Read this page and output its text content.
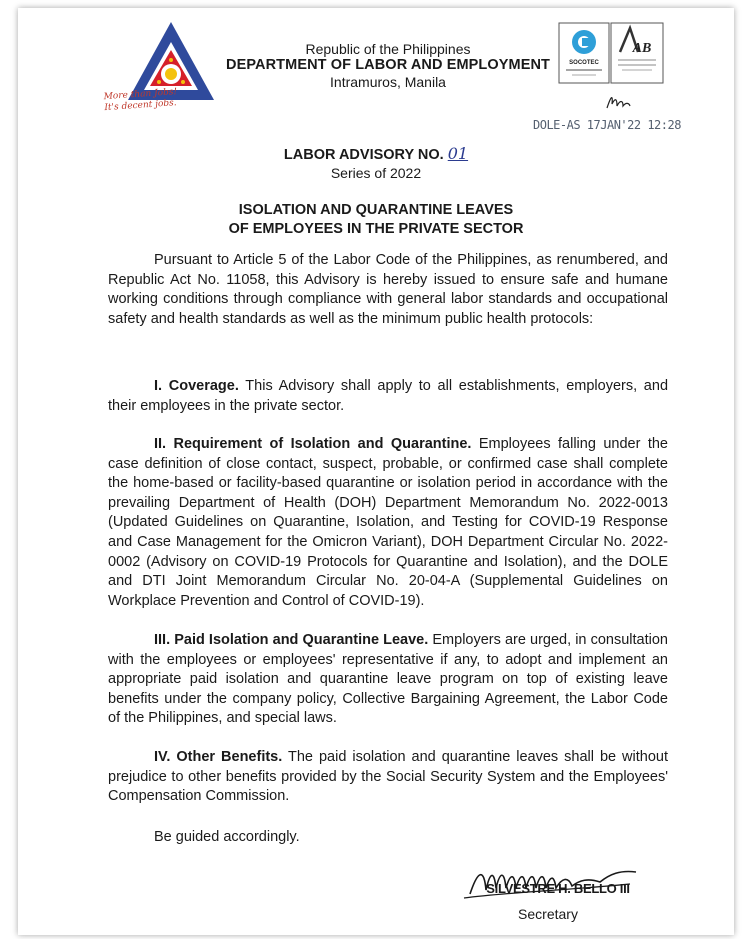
More than Jobs!
It's decent jobs.
Republic of the Philippines
DEPARTMENT OF LABOR AND EMPLOYMENT
Intramuros, Manila
SOCOTEC
AB
DOLE-AS 17JAN'22 12:28
LABOR ADVISORY NO. 01
Series of 2022
ISOLATION AND QUARANTINE LEAVES
OF EMPLOYEES IN THE PRIVATE SECTOR
Pursuant to Article 5 of the Labor Code of the Philippines, as renumbered, and Republic Act No. 11058, this Advisory is hereby issued to ensure safe and humane working conditions through compliance with general labor standards and occupational safety and health standards as well as the minimum public health protocols:
I. Coverage. This Advisory shall apply to all establishments, employers, and their employees in the private sector.
II. Requirement of Isolation and Quarantine. Employees falling under the case definition of close contact, suspect, probable, or confirmed case shall complete the home-based or facility-based quarantine or isolation period in accordance with the prevailing Department of Health (DOH) Department Memorandum No. 2022-0013 (Updated Guidelines on Quarantine, Isolation, and Testing for COVID-19 Response and Case Management for the Omicron Variant), DOH Department Circular No. 2022-0002 (Advisory on COVID-19 Protocols for Quarantine and Isolation), and the DOLE and DTI Joint Memorandum Circular No. 20-04-A (Supplemental Guidelines on Workplace Prevention and Control of COVID-19).
III. Paid Isolation and Quarantine Leave. Employers are urged, in consultation with the employees or employees' representative if any, to adopt and implement an appropriate paid isolation and quarantine leave program on top of existing leave benefits under the company policy, Collective Bargaining Agreement, the Labor Code of the Philippines, and special laws.
IV. Other Benefits. The paid isolation and quarantine leaves shall be without prejudice to other benefits provided by the Social Security System and the Employees' Compensation Commission.
Be guided accordingly.
SILVESTRE H. BELLO III
Secretary
